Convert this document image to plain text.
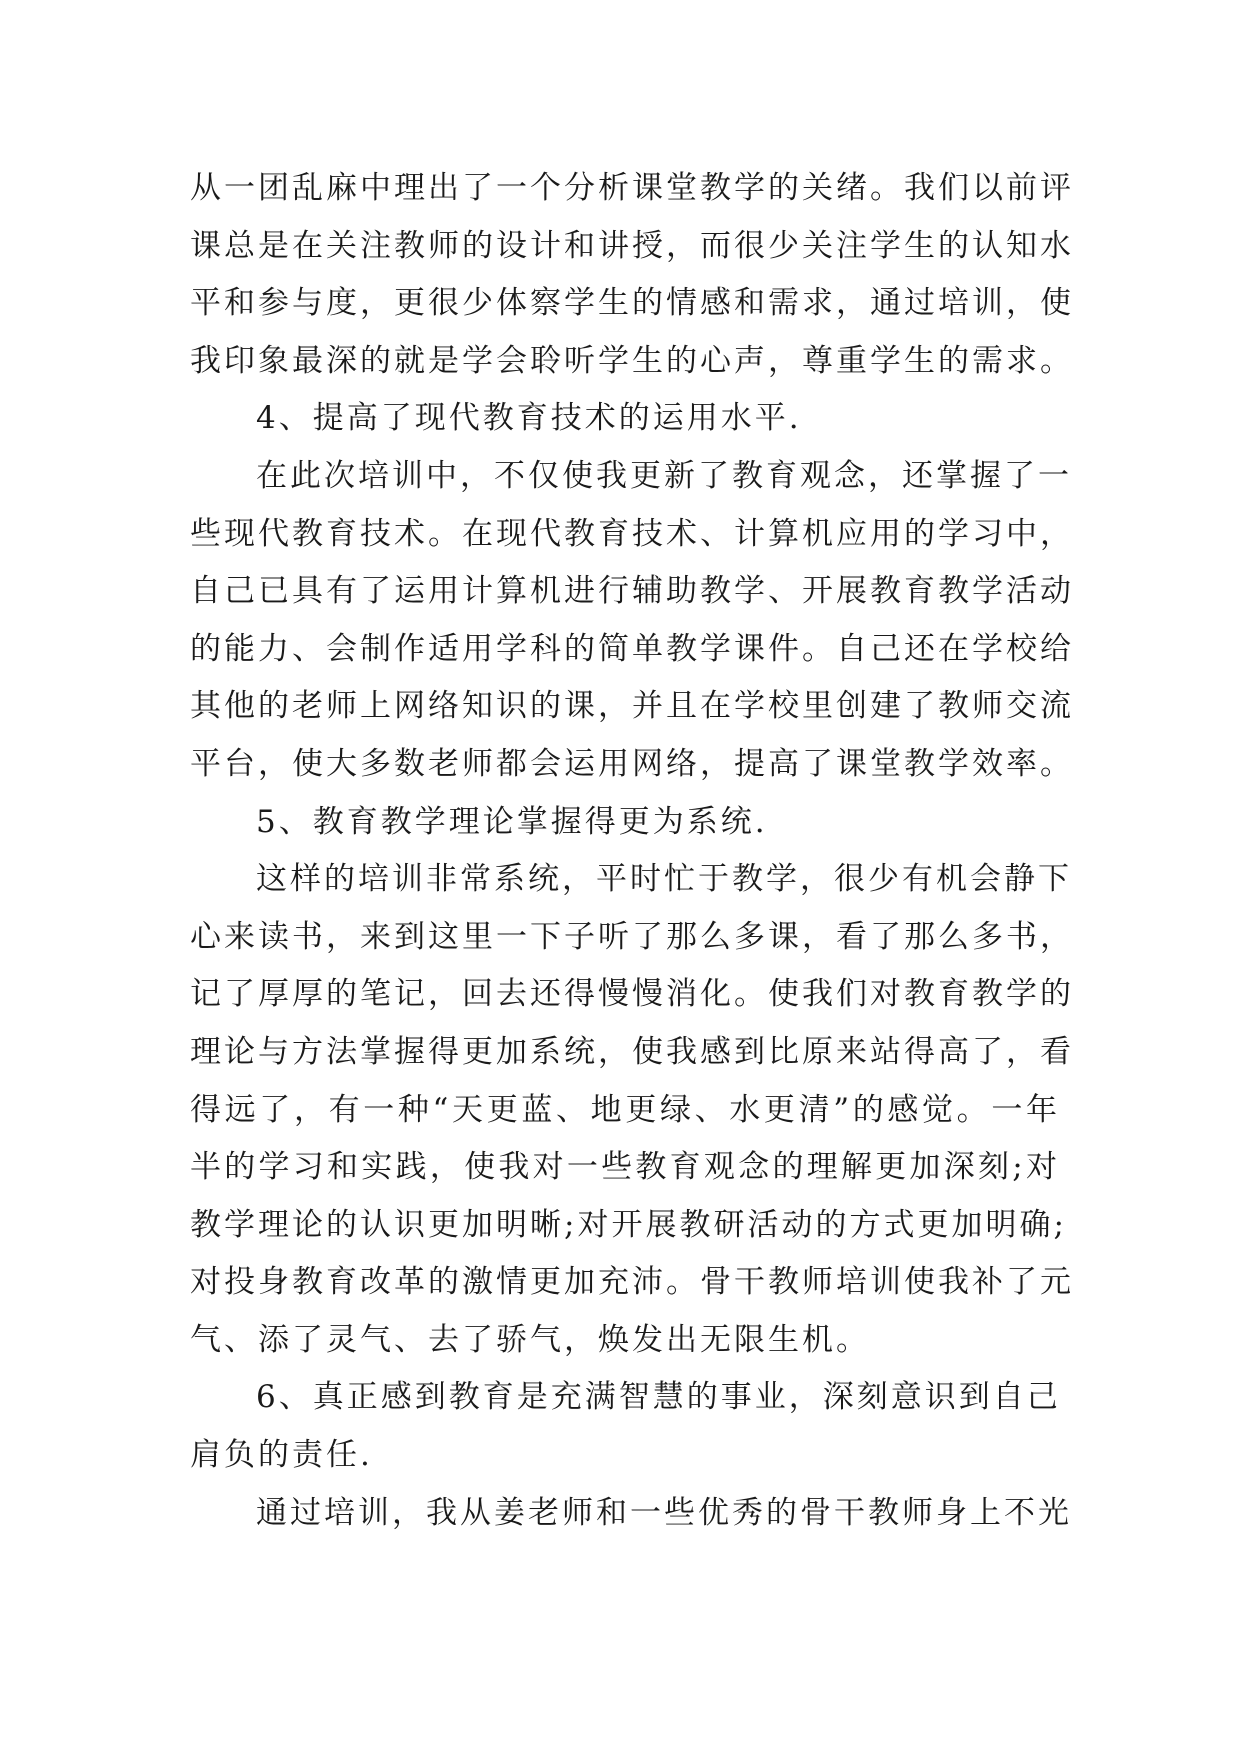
从一团乱麻中理出了一个分析课堂教学的关绪。我们以前评
课总是在关注教师的设计和讲授，而很少关注学生的认知水
平和参与度，更很少体察学生的情感和需求，通过培训，使
我印象最深的就是学会聆听学生的心声，尊重学生的需求。
4、提高了现代教育技术的运用水平.
在此次培训中，不仅使我更新了教育观念，还掌握了一
些现代教育技术。在现代教育技术、计算机应用的学习中，
自己已具有了运用计算机进行辅助教学、开展教育教学活动
的能力、会制作适用学科的简单教学课件。自己还在学校给
其他的老师上网络知识的课，并且在学校里创建了教师交流
平台，使大多数老师都会运用网络，提高了课堂教学效率。
5、教育教学理论掌握得更为系统.
这样的培训非常系统，平时忙于教学，很少有机会静下
心来读书，来到这里一下子听了那么多课，看了那么多书，
记了厚厚的笔记，回去还得慢慢消化。使我们对教育教学的
理论与方法掌握得更加系统，使我感到比原来站得高了，看
得远了，有一种“天更蓝、地更绿、水更清”的感觉。一年
半的学习和实践，使我对一些教育观念的理解更加深刻;对
教学理论的认识更加明晰;对开展教研活动的方式更加明确;
对投身教育改革的激情更加充沛。骨干教师培训使我补了元
气、添了灵气、去了骄气，焕发出无限生机。
6、真正感到教育是充满智慧的事业，深刻意识到自己
肩负的责任.
通过培训，我从姜老师和一些优秀的骨干教师身上不光
